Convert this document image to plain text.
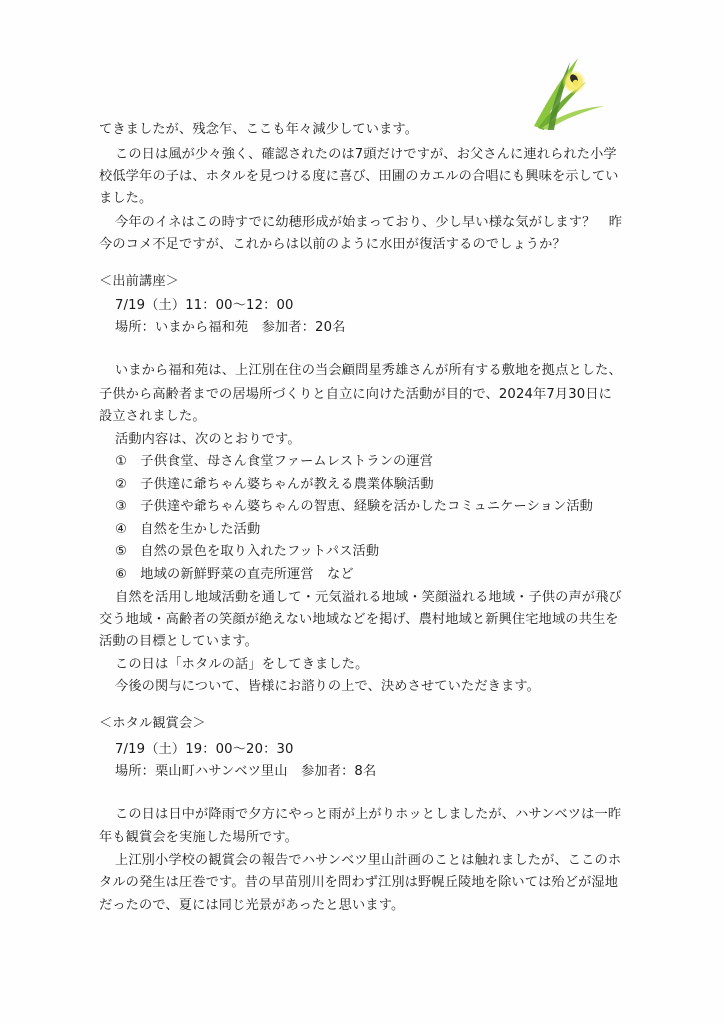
てきましたが、残念乍、ここも年々減少しています。
この日は風が少々強く、確認されたのは7頭だけですが、お父さんに連れられた小学
校低学年の子は、ホタルを見つける度に喜び、田圃のカエルの合唱にも興味を示してい
ました。
今年のイネはこの時すでに幼穂形成が始まっており、少し早い様な気がします？　昨
今のコメ不足ですが、これからは以前のように水田が復活するのでしょうか？
＜出前講座＞
7/19（土）11：00〜12：00
場所：いまから福和苑　参加者：20名
いまから福和苑は、上江別在住の当会顧問星秀雄さんが所有する敷地を拠点とした、
子供から高齢者までの居場所づくりと自立に向けた活動が目的で、2024年7月30日に
設立されました。
活動内容は、次のとおりです。
①　子供食堂、母さん食堂ファームレストランの運営
②　子供達に爺ちゃん婆ちゃんが教える農業体験活動
③　子供達や爺ちゃん婆ちゃんの智恵、経験を活かしたコミュニケーション活動
④　自然を生かした活動
⑤　自然の景色を取り入れたフットパス活動
⑥　地域の新鮮野菜の直売所運営　など
自然を活用し地域活動を通して・元気溢れる地域・笑顔溢れる地域・子供の声が飛び
交う地域・高齢者の笑顔が絶えない地域などを掲げ、農村地域と新興住宅地域の共生を
活動の目標としています。
この日は「ホタルの話」をしてきました。
今後の関与について、皆様にお諮りの上で、決めさせていただきます。
＜ホタル観賞会＞
7/19（土）19：00〜20：30
場所：栗山町ハサンベツ里山　参加者：8名
この日は日中が降雨で夕方にやっと雨が上がりホッとしましたが、ハサンベツは一昨
年も観賞会を実施した場所です。
上江別小学校の観賞会の報告でハサンベツ里山計画のことは触れましたが、ここのホ
タルの発生は圧巻です。昔の早苗別川を問わず江別は野幌丘陵地を除いては殆どが湿地
だったので、夏には同じ光景があったと思います。
